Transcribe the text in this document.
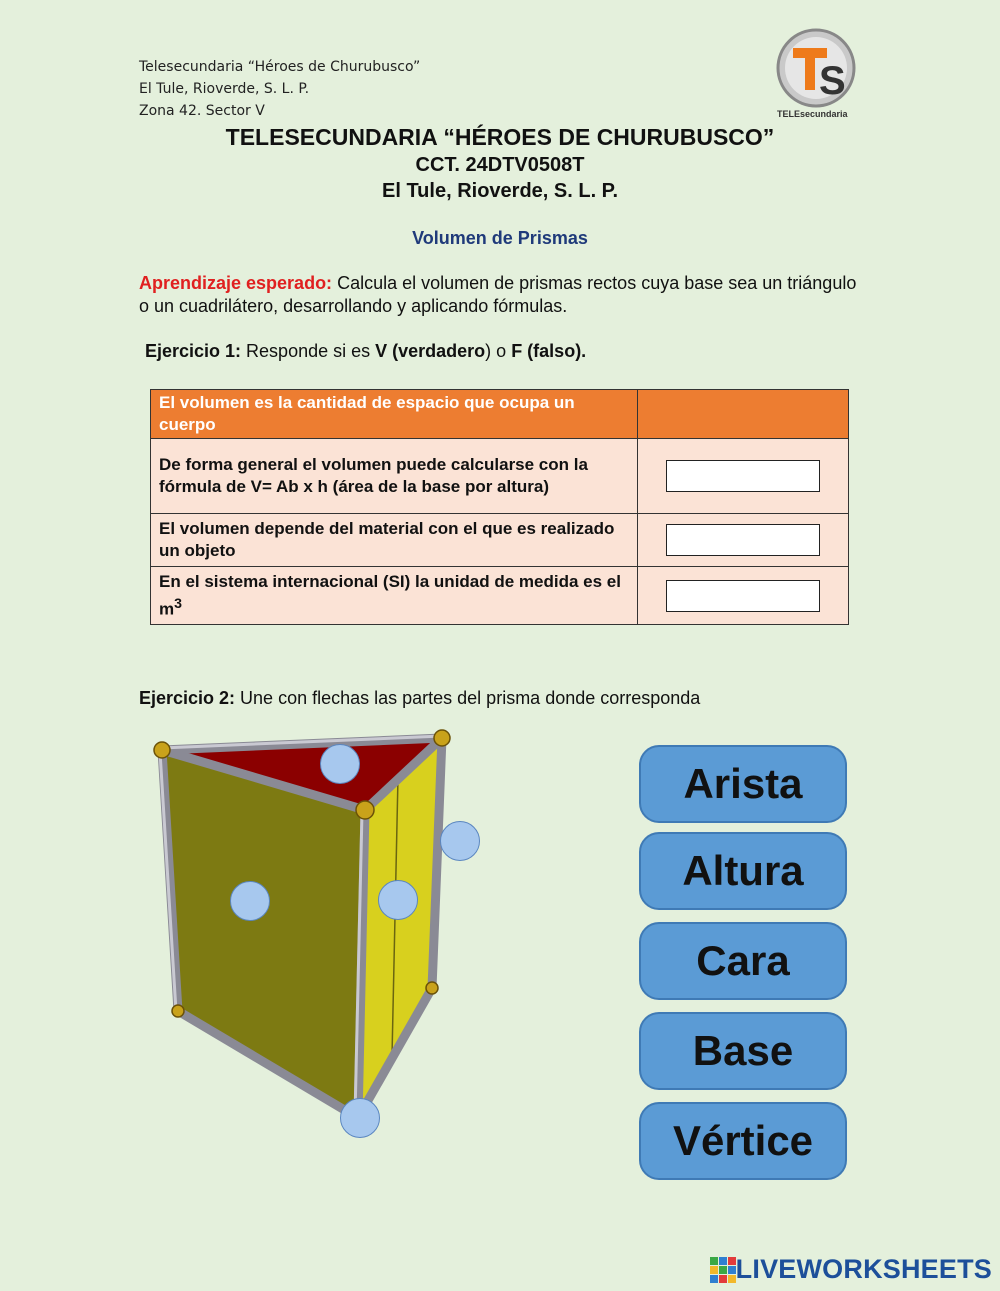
Telesecundaria “Héroes de Churubusco”
El Tule, Rioverde, S. L. P.
Zona 42. Sector V
S
TELEsecundaria
TELESECUNDARIA “HÉROES DE CHURUBUSCO”
CCT. 24DTV0508T
El Tule, Rioverde, S. L. P.
Volumen de Prismas
Aprendizaje esperado: Calcula el volumen de prismas rectos cuya base sea un triángulo o un cuadrilátero, desarrollando y aplicando fórmulas.
Ejercicio 1: Responde si es V (verdadero) o F (falso).
El volumen es la cantidad de espacio que ocupa un cuerpo	
De forma general el volumen puede calcularse con la fórmula de V= Ab x h (área de la base por altura)	

El volumen depende del material con el que es realizado un objeto	

En el sistema internacional (SI) la unidad de medida es el $m^3$	
Ejercicio 2: Une con flechas las partes del prisma donde corresponda
Arista
Altura
Cara
Base
Vértice
LIVEWORKSHEETS
